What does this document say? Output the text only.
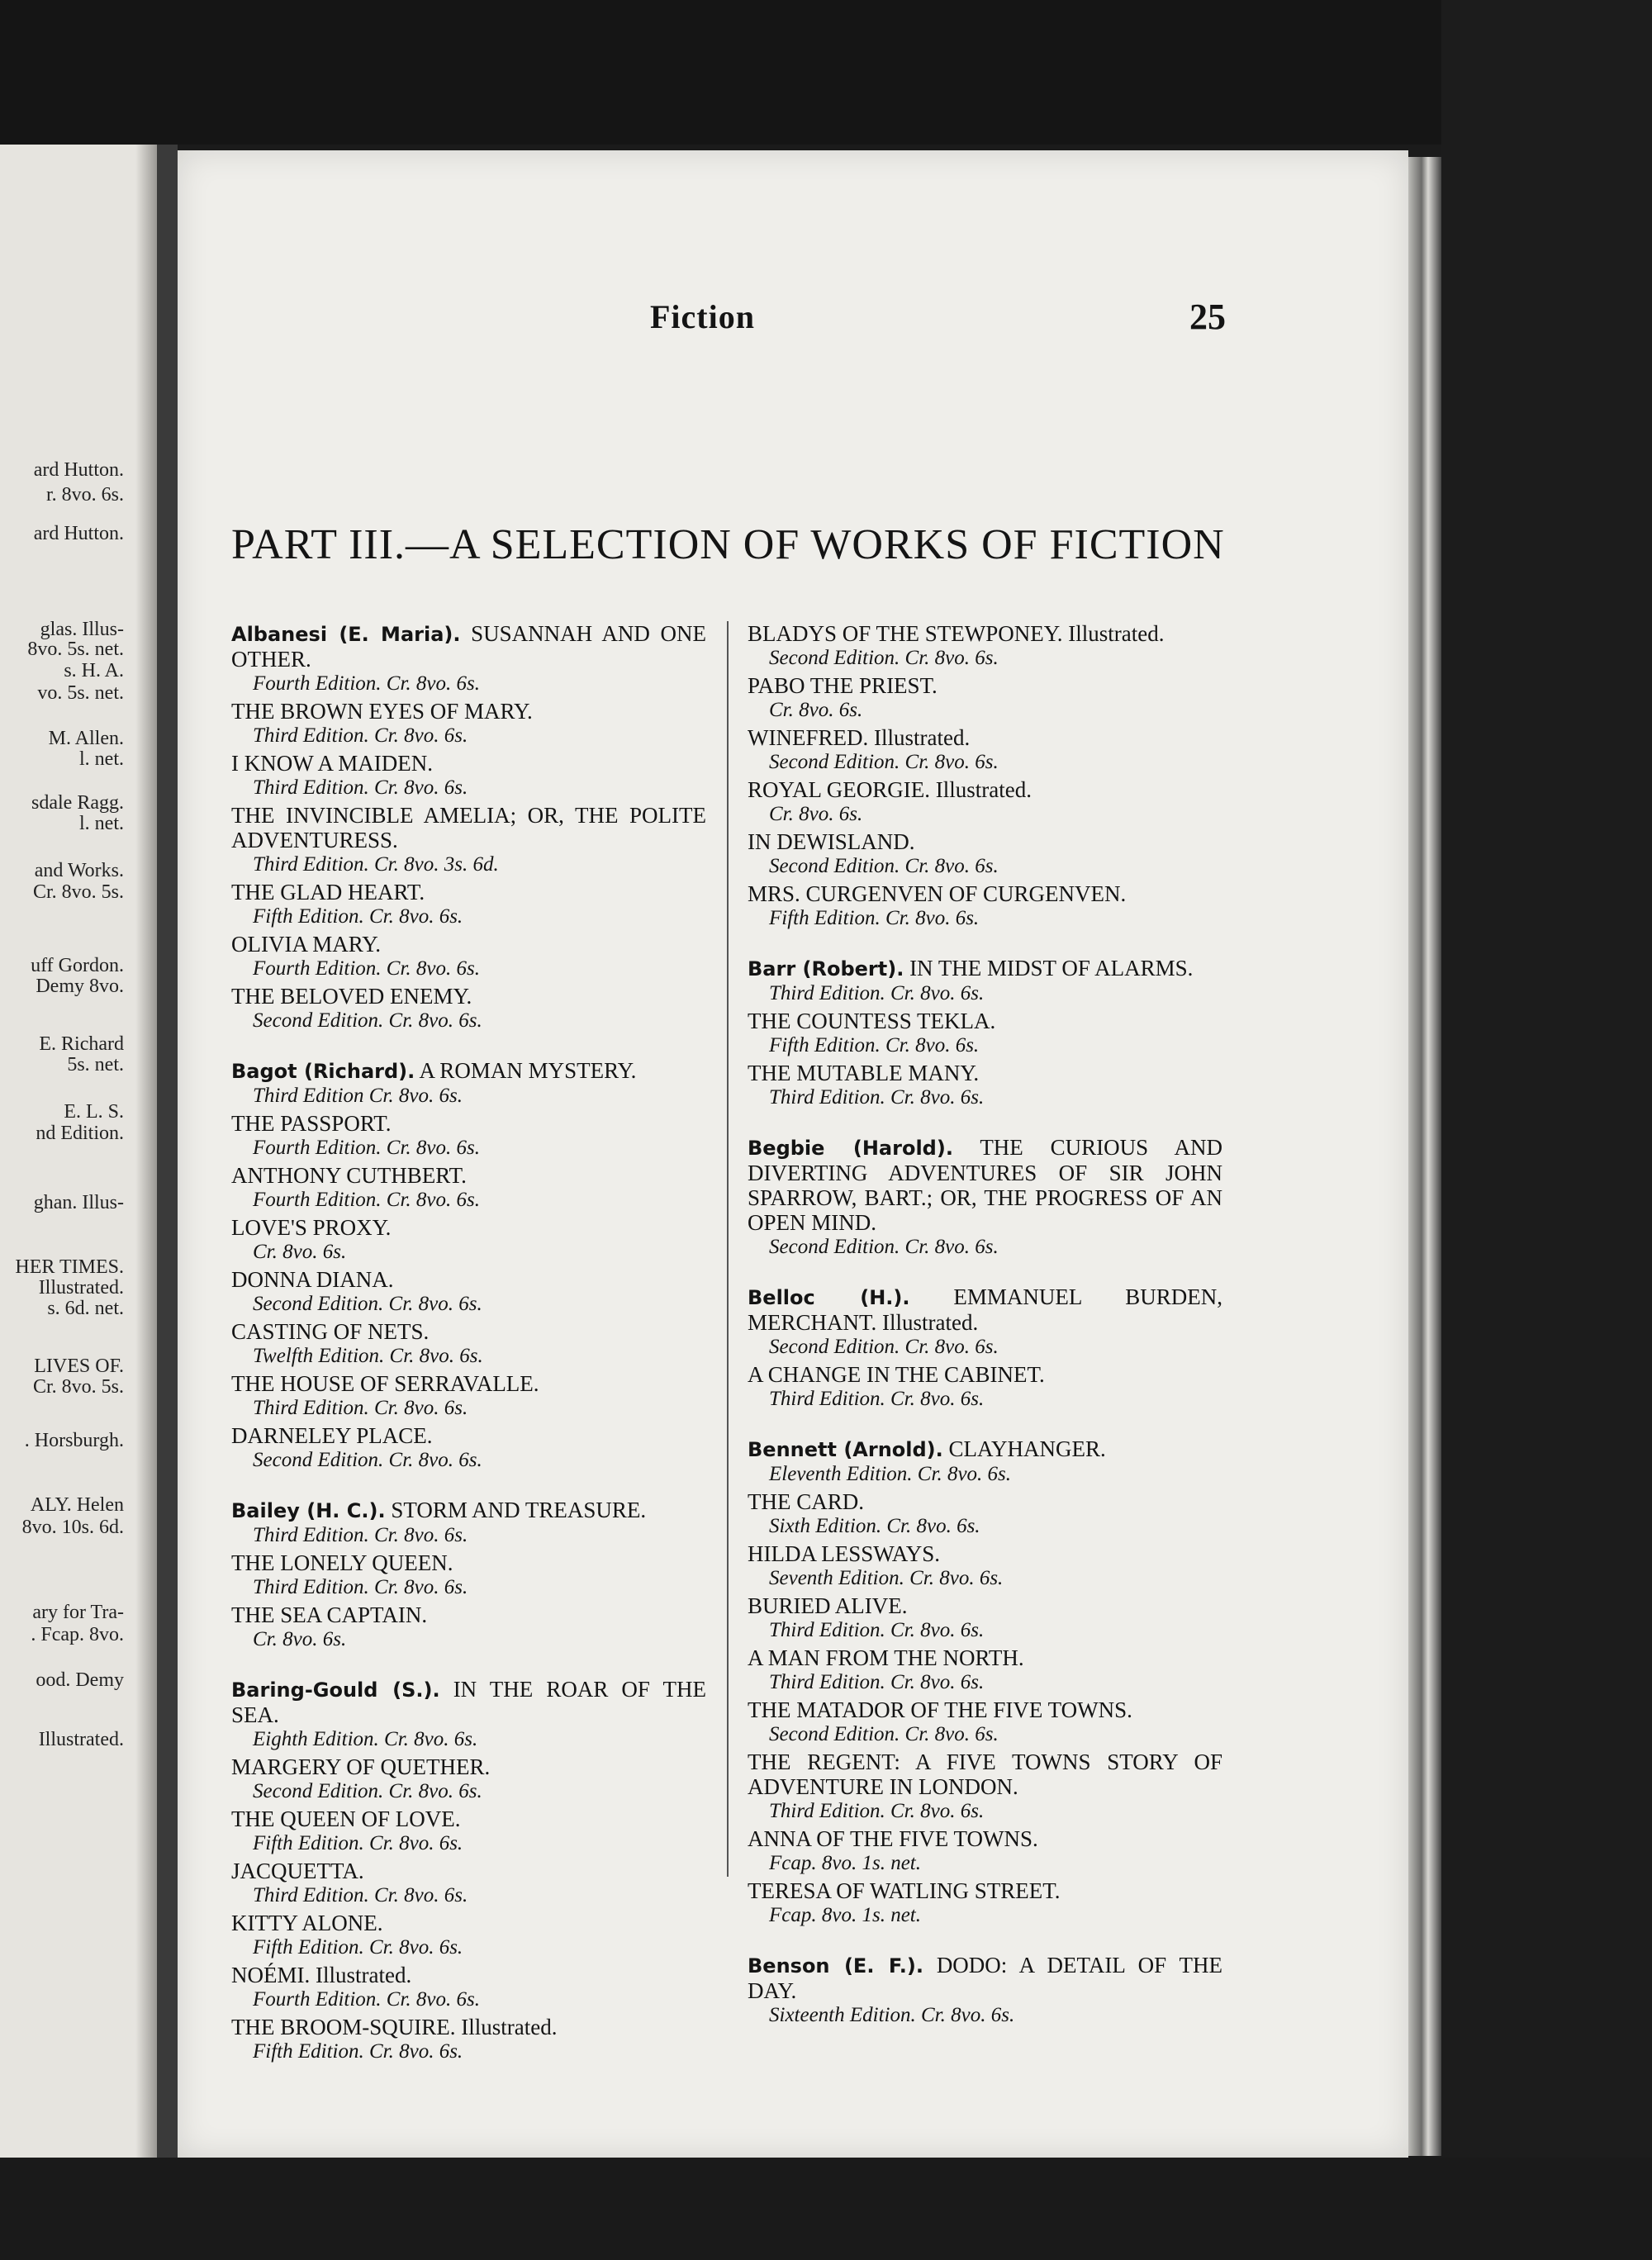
ard Hutton.
r. 8vo. 6s.
ard Hutton.
glas. Illus-
8vo. 5s. net.
s. H. A.
vo. 5s. net.
M. Allen.
l. net.
sdale Ragg.
l. net.
and Works.
Cr. 8vo. 5s.
uff Gordon.
Demy 8vo.
E. Richard
5s. net.
E. L. S.
nd Edition.
ghan. Illus-
HER TIMES.
Illustrated.
s. 6d. net.
LIVES OF.
Cr. 8vo. 5s.
. Horsburgh.
ALY. Helen
8vo. 10s. 6d.
ary for Tra-
. Fcap. 8vo.
ood. Demy
Illustrated.
Fiction	25
PART III.—A SELECTION OF WORKS OF FICTION
Albanesi (E. Maria). SUSANNAH AND ONE OTHER.
Fourth Edition. Cr. 8vo. 6s.
THE BROWN EYES OF MARY.
Third Edition. Cr. 8vo. 6s.
I KNOW A MAIDEN.
Third Edition. Cr. 8vo. 6s.
THE INVINCIBLE AMELIA; OR, THE POLITE ADVENTURESS.
Third Edition. Cr. 8vo. 3s. 6d.
THE GLAD HEART.
Fifth Edition. Cr. 8vo. 6s.
OLIVIA MARY.
Fourth Edition. Cr. 8vo. 6s.
THE BELOVED ENEMY.
Second Edition. Cr. 8vo. 6s.
Bagot (Richard). A ROMAN MYSTERY.
Third Edition Cr. 8vo. 6s.
THE PASSPORT.
Fourth Edition. Cr. 8vo. 6s.
ANTHONY CUTHBERT.
Fourth Edition. Cr. 8vo. 6s.
LOVE'S PROXY.
Cr. 8vo. 6s.
DONNA DIANA.
Second Edition. Cr. 8vo. 6s.
CASTING OF NETS.
Twelfth Edition. Cr. 8vo. 6s.
THE HOUSE OF SERRAVALLE.
Third Edition. Cr. 8vo. 6s.
DARNELEY PLACE.
Second Edition. Cr. 8vo. 6s.
Bailey (H. C.). STORM AND TREASURE.
Third Edition. Cr. 8vo. 6s.
THE LONELY QUEEN.
Third Edition. Cr. 8vo. 6s.
THE SEA CAPTAIN.
Cr. 8vo. 6s.
Baring-Gould (S.). IN THE ROAR OF THE SEA.
Eighth Edition. Cr. 8vo. 6s.
MARGERY OF QUETHER.
Second Edition. Cr. 8vo. 6s.
THE QUEEN OF LOVE.
Fifth Edition. Cr. 8vo. 6s.
JACQUETTA.
Third Edition. Cr. 8vo. 6s.
KITTY ALONE.
Fifth Edition. Cr. 8vo. 6s.
NOÉMI. Illustrated.
Fourth Edition. Cr. 8vo. 6s.
THE BROOM-SQUIRE. Illustrated.
Fifth Edition. Cr. 8vo. 6s.
BLADYS OF THE STEWPONEY. Illustrated.
Second Edition. Cr. 8vo. 6s.
PABO THE PRIEST.
Cr. 8vo. 6s.
WINEFRED. Illustrated.
Second Edition. Cr. 8vo. 6s.
ROYAL GEORGIE. Illustrated.
Cr. 8vo. 6s.
IN DEWISLAND.
Second Edition. Cr. 8vo. 6s.
MRS. CURGENVEN OF CURGENVEN.
Fifth Edition. Cr. 8vo. 6s.
Barr (Robert). IN THE MIDST OF ALARMS.
Third Edition. Cr. 8vo. 6s.
THE COUNTESS TEKLA.
Fifth Edition. Cr. 8vo. 6s.
THE MUTABLE MANY.
Third Edition. Cr. 8vo. 6s.
Begbie (Harold). THE CURIOUS AND DIVERTING ADVENTURES OF SIR JOHN SPARROW, BART.; OR, THE PROGRESS OF AN OPEN MIND.
Second Edition. Cr. 8vo. 6s.
Belloc (H.). EMMANUEL BURDEN, MERCHANT. Illustrated.
Second Edition. Cr. 8vo. 6s.
A CHANGE IN THE CABINET.
Third Edition. Cr. 8vo. 6s.
Bennett (Arnold). CLAYHANGER.
Eleventh Edition. Cr. 8vo. 6s.
THE CARD.
Sixth Edition. Cr. 8vo. 6s.
HILDA LESSWAYS.
Seventh Edition. Cr. 8vo. 6s.
BURIED ALIVE.
Third Edition. Cr. 8vo. 6s.
A MAN FROM THE NORTH.
Third Edition. Cr. 8vo. 6s.
THE MATADOR OF THE FIVE TOWNS.
Second Edition. Cr. 8vo. 6s.
THE REGENT: A FIVE TOWNS STORY OF ADVENTURE IN LONDON.
Third Edition. Cr. 8vo. 6s.
ANNA OF THE FIVE TOWNS.
Fcap. 8vo. 1s. net.
TERESA OF WATLING STREET.
Fcap. 8vo. 1s. net.
Benson (E. F.). DODO: A DETAIL OF THE DAY.
Sixteenth Edition. Cr. 8vo. 6s.
